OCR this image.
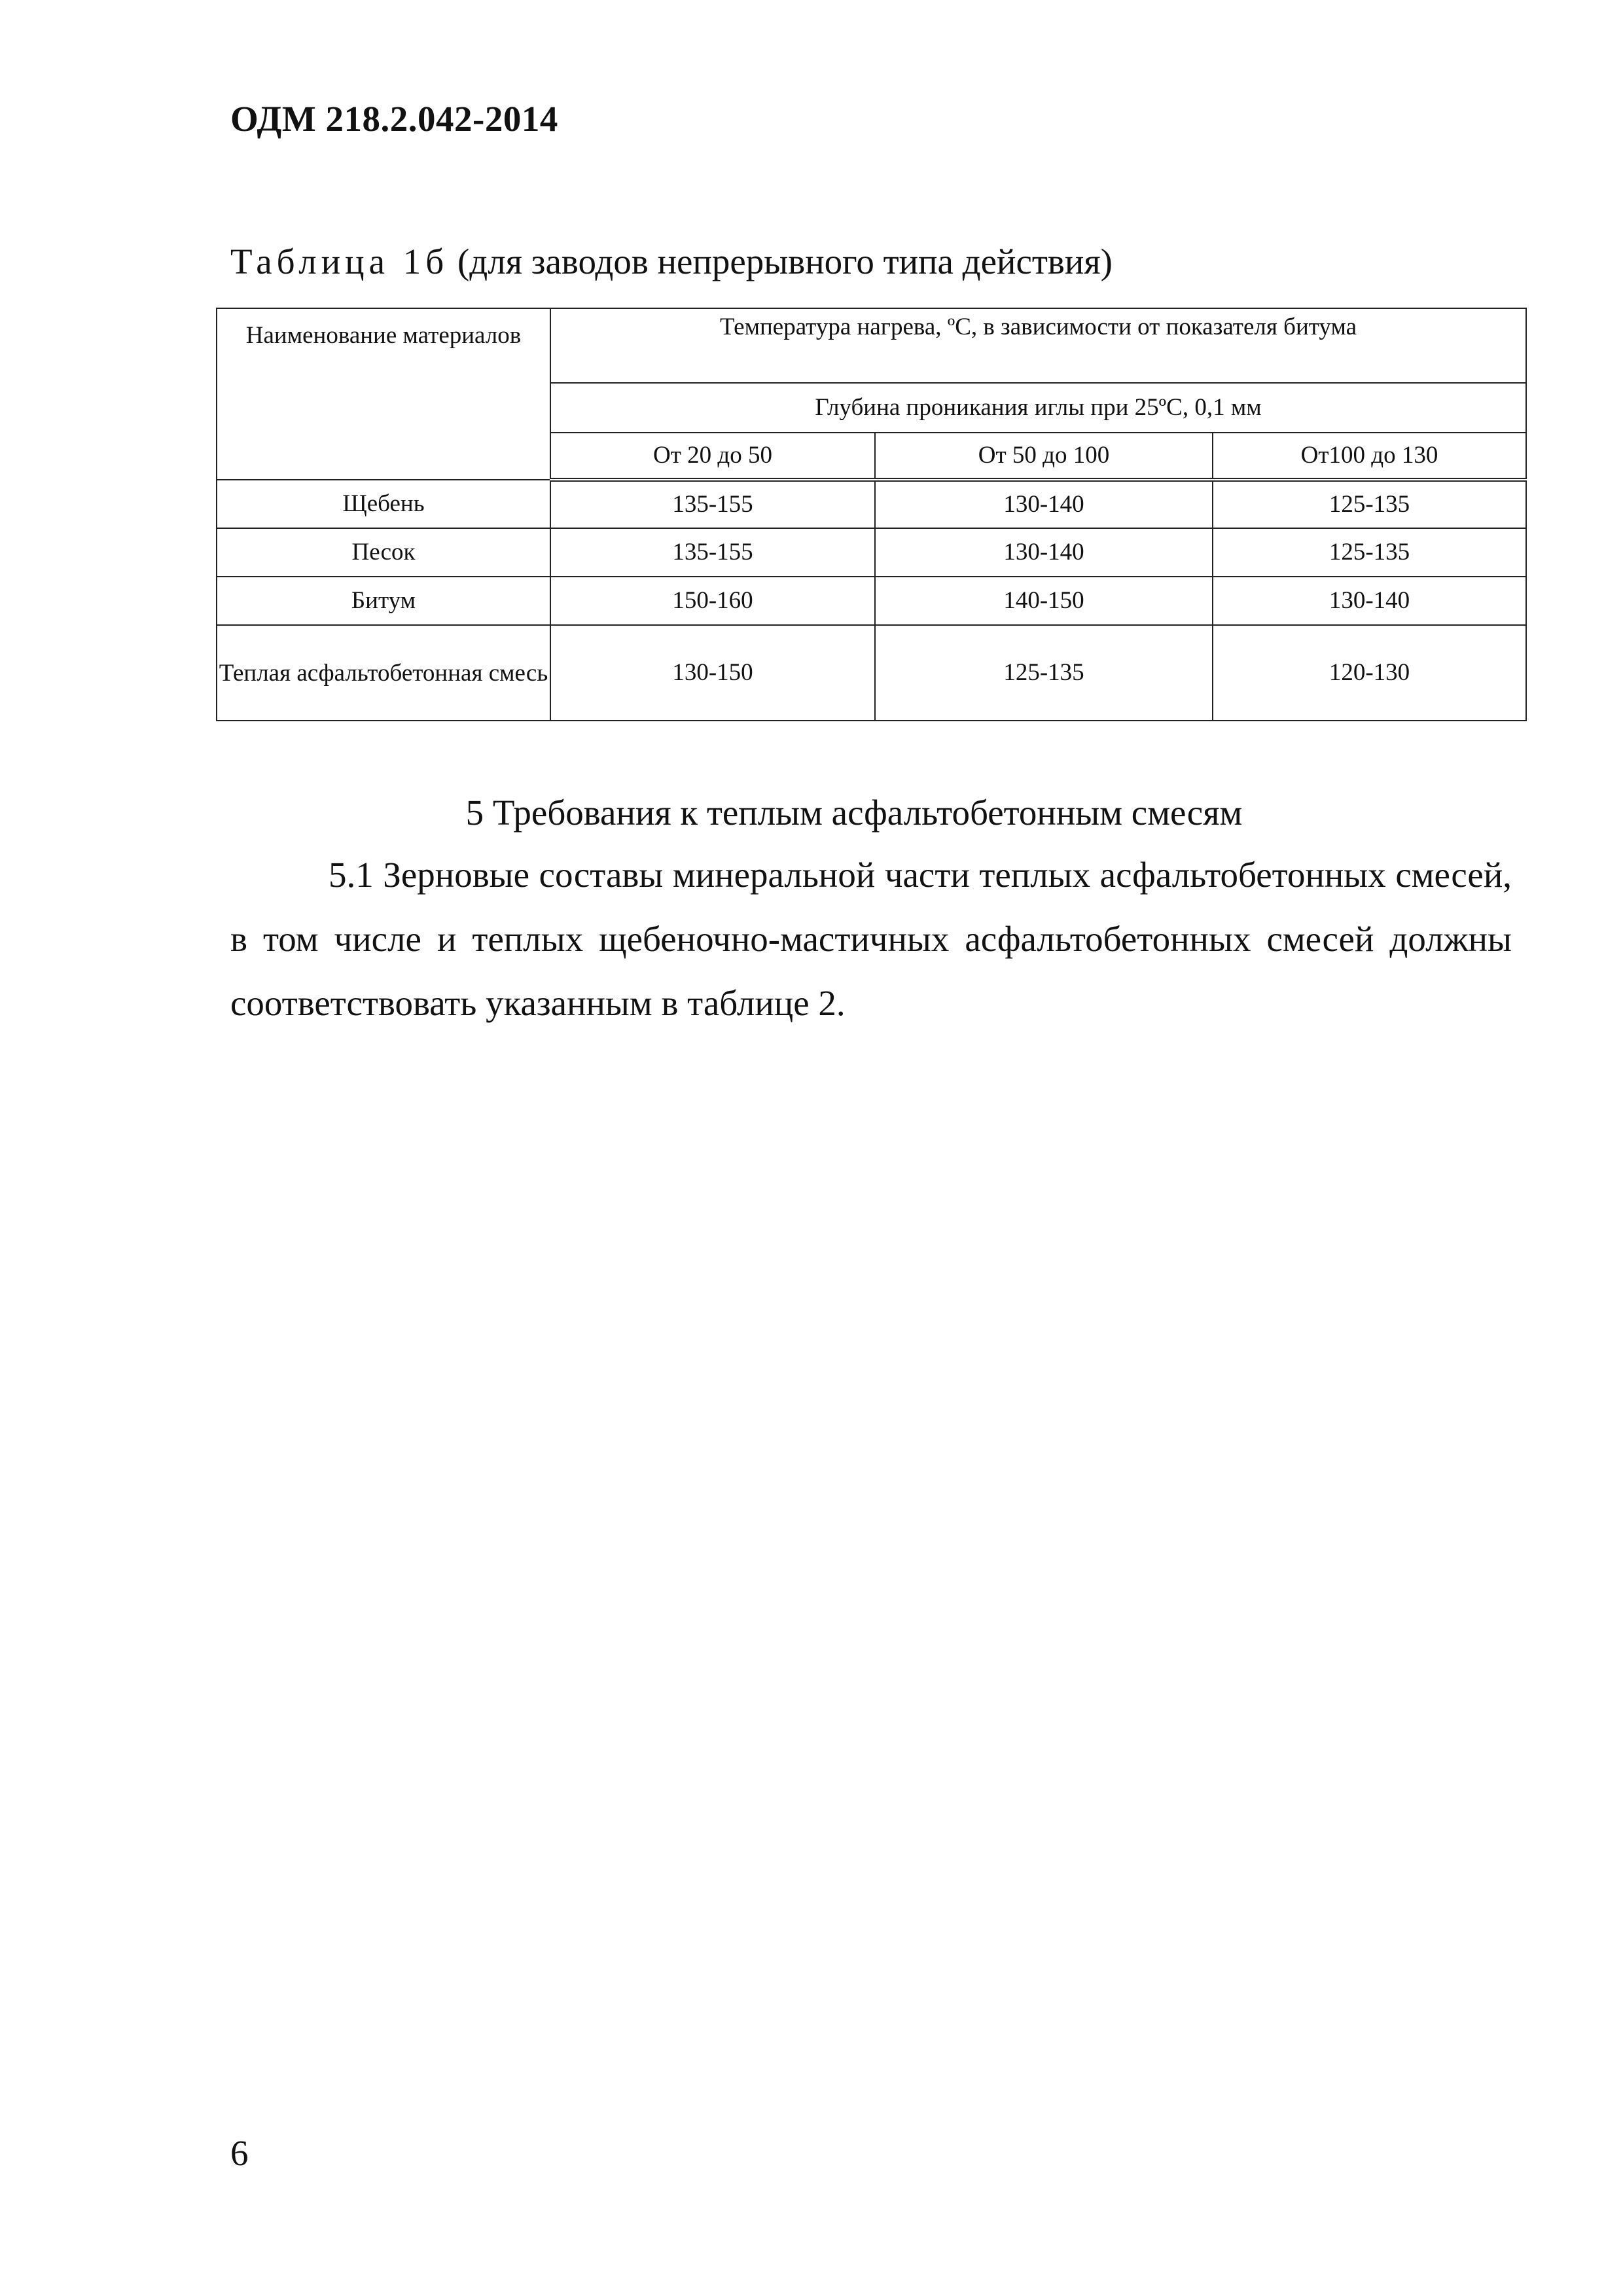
ОДМ 218.2.042-2014
Таблица 1б (для заводов непрерывного типа действия)
Наименование материалов	Температура нагрева, ºС, в зависимости от показателя битума		
	Глубина проникания иглы при 25ºС, 0,1 мм		
	От 20 до 50	От 50 до 100	От100 до 130
Щебень	135-155	130-140	125-135
Песок	135-155	130-140	125-135
Битум	150-160	140-150	130-140
Теплая асфальтобетонная смесь	130-150	125-135	120-130
5 Требования к теплым асфальтобетонным смесям
5.1 Зерновые составы минеральной части теплых асфальтобетонных смесей, в том числе и теплых щебеночно-мастичных асфальтобетонных смесей должны соответствовать указанным в таблице 2.
6
